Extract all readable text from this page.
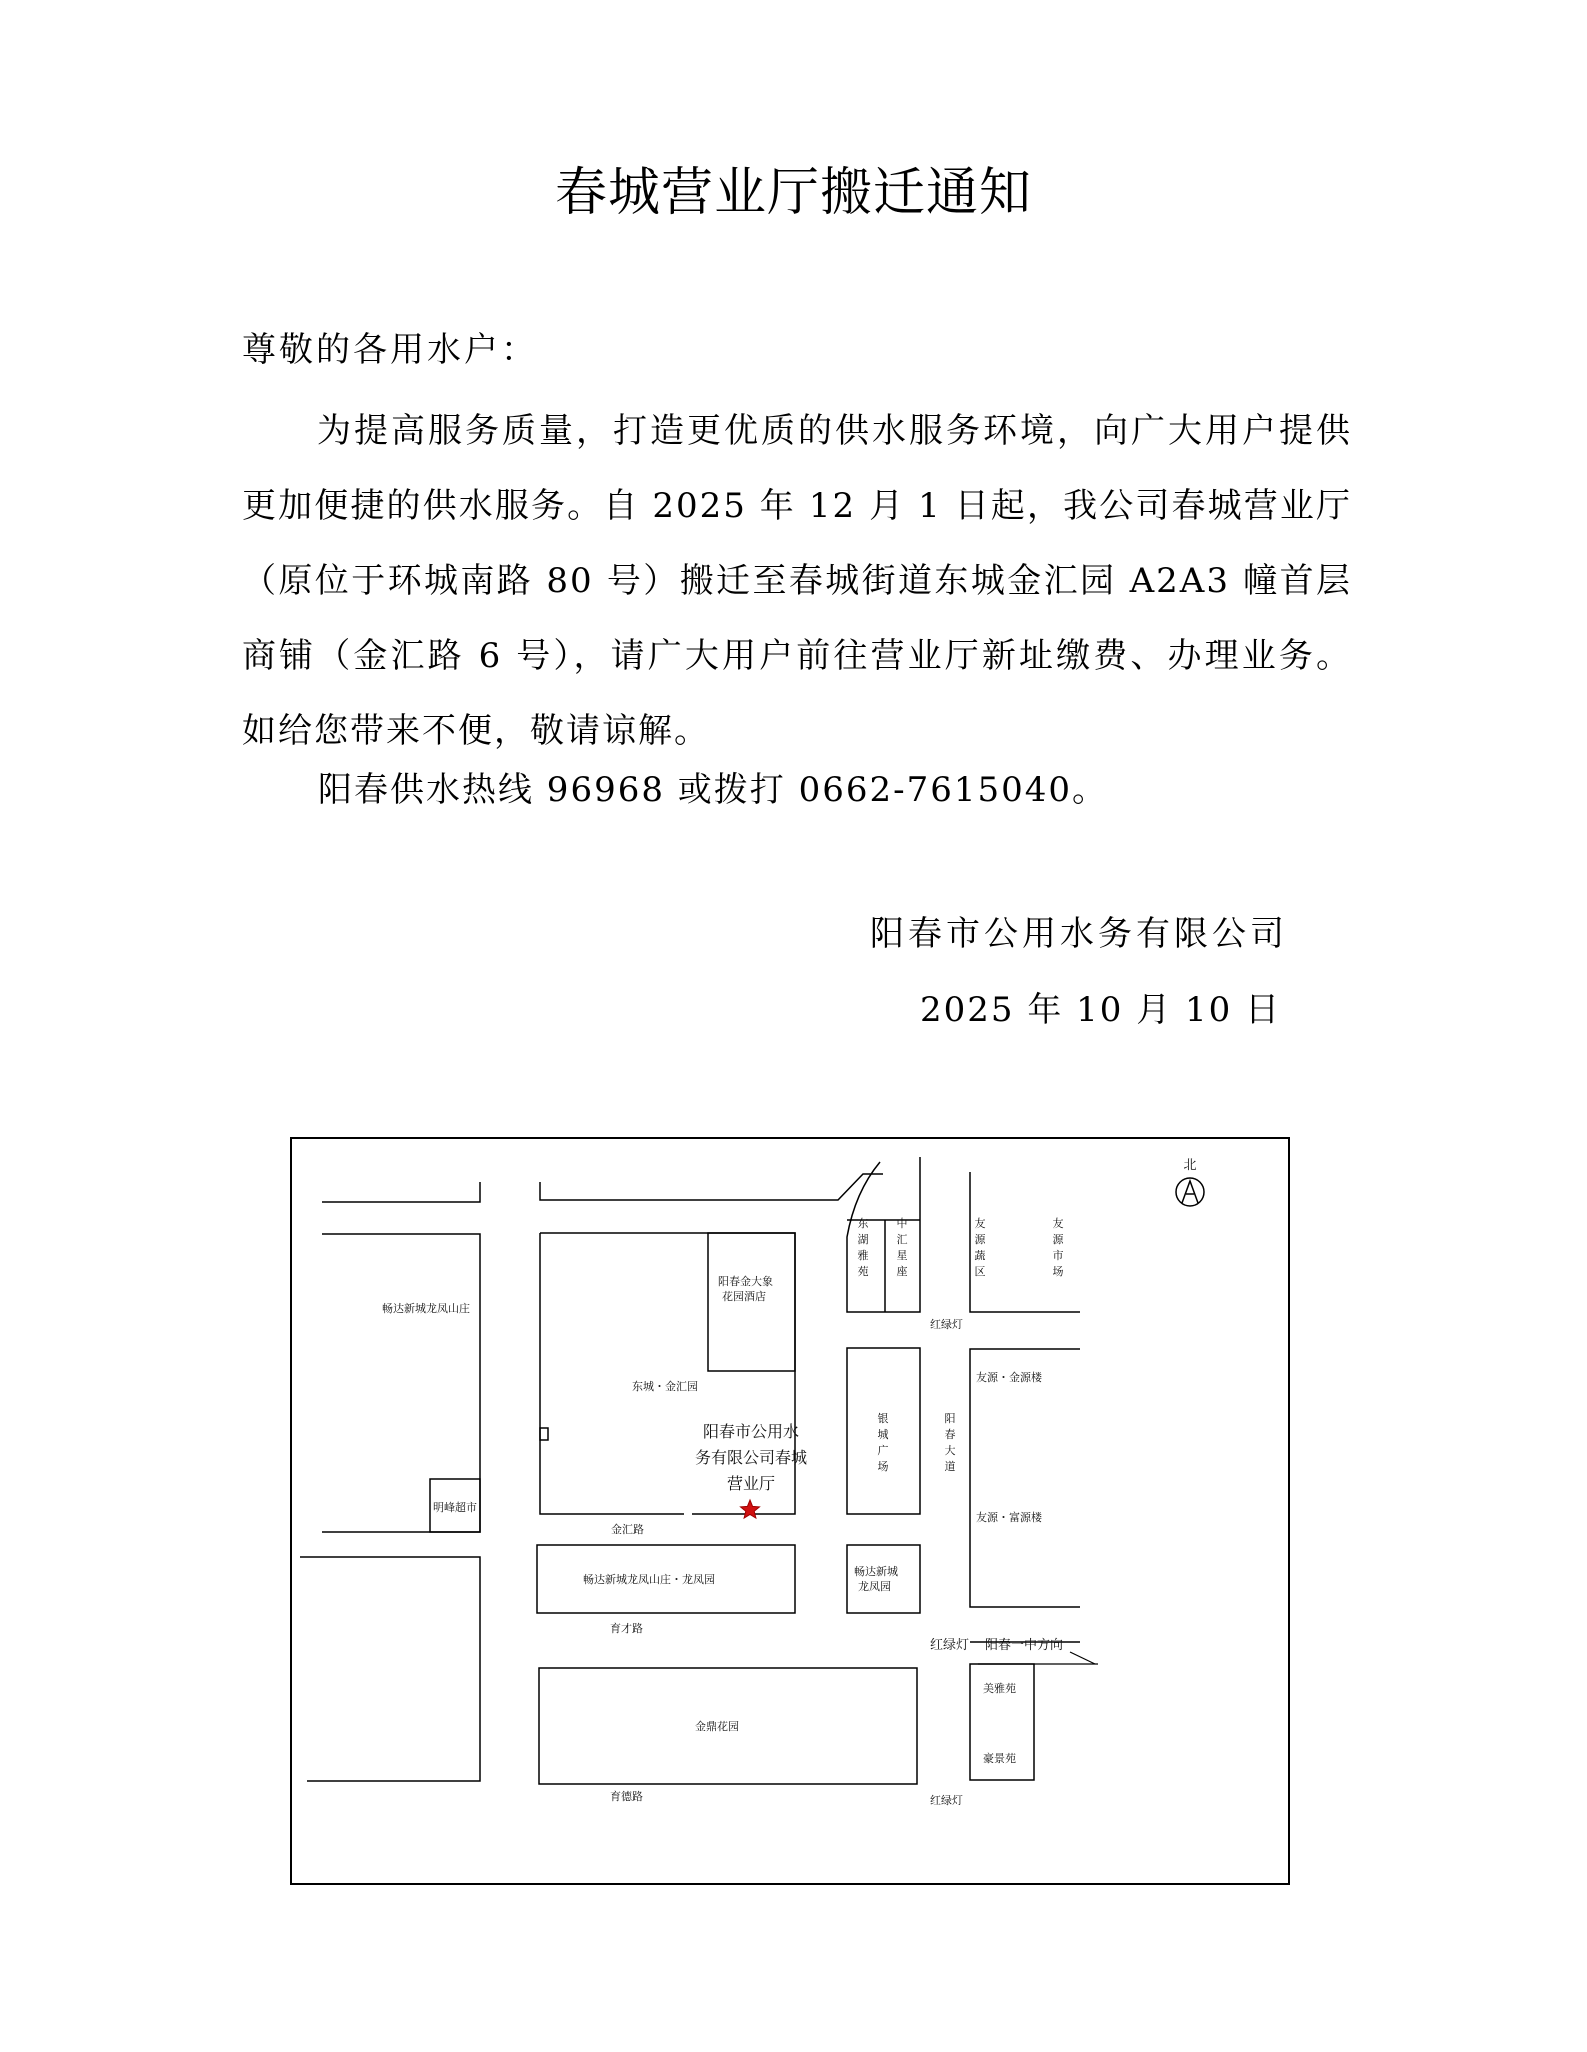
春城营业厅搬迁通知
尊敬的各用水户：

为提高服务质量，打造更优质的供水服务环境，向广大用户提供更加便捷的供水服务。自 2025 年 12 月 1 日起，我公司春城营业厅（原位于环城南路 80 号）搬迁至春城街道东城金汇园 A2A3 幢首层商铺（金汇路 6 号），请广大用户前往营业厅新址缴费、办理业务。如给您带来不便，敬请谅解。

阳春供水热线 96968 或拨打 0662-7615040。
阳春市公用水务有限公司
2025 年 10 月 10 日
北
畅达新城龙凤山庄
明峰超市
阳春金大象
花园酒店
东城・金汇园
金汇路
畅达新城龙凤山庄・龙凤园
畅达新城
龙凤园
育才路
金鼎花园
育德路
红绿灯
红绿灯
友源・金源楼
友源・富源楼
美雅苑
豪景苑
红绿灯 阳春一中方向
阳春市公用水
务有限公司春城
营业厅
东湖雅苑
中汇星座
友源蔬区
友源市场
银城广场
阳春大道
